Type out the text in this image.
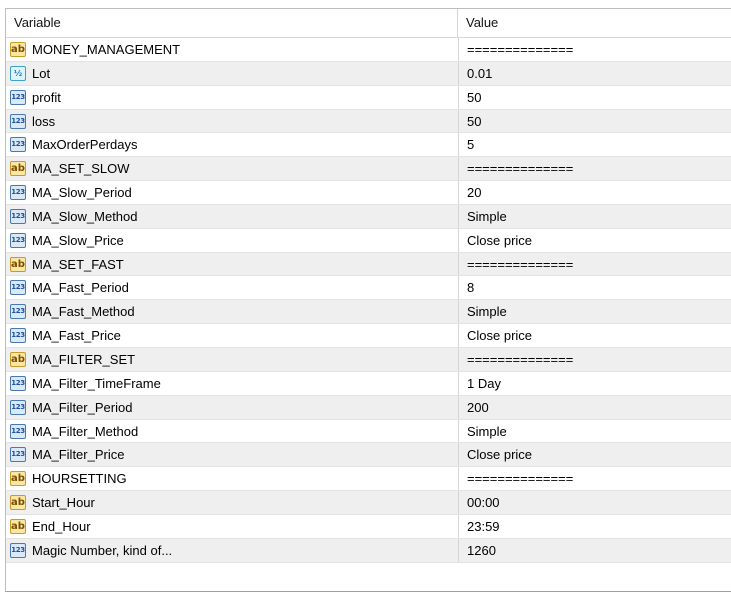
Variable	Value
ab MONEY_MANAGEMENT	==============
½ Lot	0.01
123 profit	50
123 loss	50
123 MaxOrderPerdays	5
ab MA_SET_SLOW	==============
123 MA_Slow_Period	20
123 MA_Slow_Method	Simple
123 MA_Slow_Price	Close price
ab MA_SET_FAST	==============
123 MA_Fast_Period	8
123 MA_Fast_Method	Simple
123 MA_Fast_Price	Close price
ab MA_FILTER_SET	==============
123 MA_Filter_TimeFrame	1 Day
123 MA_Filter_Period	200
123 MA_Filter_Method	Simple
123 MA_Filter_Price	Close price
ab HOURSETTING	==============
ab Start_Hour	00:00
ab End_Hour	23:59
123 Magic Number, kind of...	1260
